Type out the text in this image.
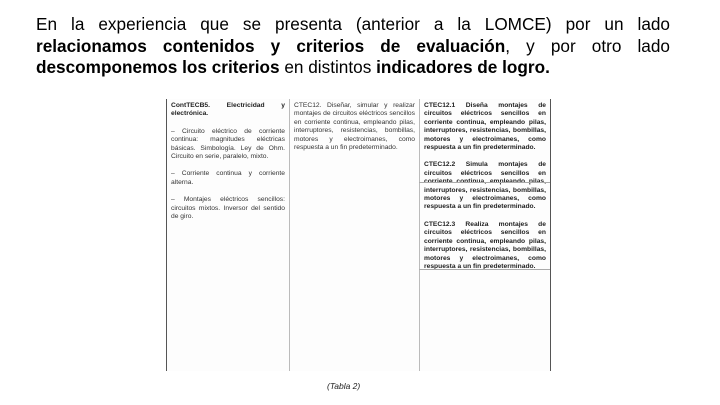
En la experiencia que se presenta (anterior a la LOMCE) por un lado relacionamos contenidos y criterios de evaluación, y por otro lado descomponemos los criterios en distintos indicadores de logro.
ContTECB5. Electricidad y electrónica.
– Circuito eléctrico de corriente continua: magnitudes eléctricas básicas. Simbología. Ley de Ohm. Circuito en serie, paralelo, mixto.
– Corriente continua y corriente alterna.
– Montajes eléctricos sencillos: circuitos mixtos. Inversor del sentido de giro.
CTEC12. Diseñar, simular y realizar montajes de circuitos eléctricos sencillos en corriente continua, empleando pilas, interruptores, resistencias, bombillas, motores y electroimanes, como respuesta a un fin predeterminado.
CTEC12.1 Diseña montajes de circuitos eléctricos sencillos en corriente continua, empleando pilas, interruptores, resistencias, bombillas, motores y electroimanes, como respuesta a un fin predeterminado.
CTEC12.2 Simula montajes de circuitos eléctricos sencillos en corriente continua, empleando pilas, interruptores, resistencias, bombillas, motores y electroimanes, como respuesta a un fin predeterminado.
CTEC12.3 Realiza montajes de circuitos eléctricos sencillos en corriente continua, empleando pilas, interruptores, resistencias, bombillas, motores y electroimanes, como respuesta a un fin predeterminado.
(Tabla 2)
